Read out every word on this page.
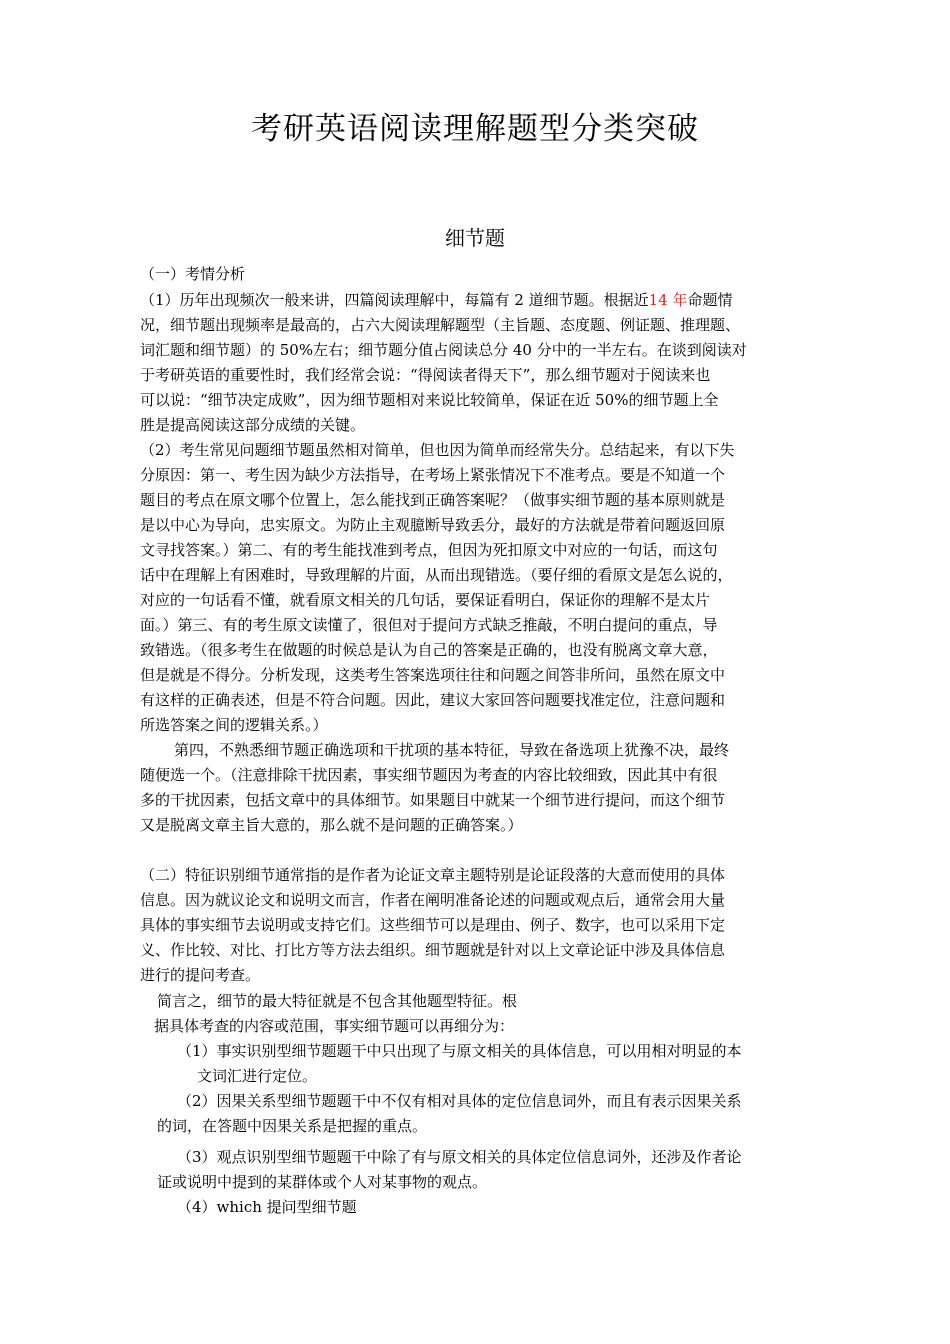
考研英语阅读理解题型分类突破
细节题
（一）考情分析
（1）历年出现频次一般来讲，四篇阅读理解中，每篇有 2 道细节题。根据近14 年命题情
况，细节题出现频率是最高的，占六大阅读理解题型（主旨题、态度题、例证题、推理题、
词汇题和细节题）的 50%左右；细节题分值占阅读总分 40 分中的一半左右。在谈到阅读对
于考研英语的重要性时，我们经常会说：“得阅读者得天下”，那么细节题对于阅读来也
可以说：“细节决定成败”，因为细节题相对来说比较简单，保证在近 50%的细节题上全
胜是提高阅读这部分成绩的关键。
（2）考生常见问题细节题虽然相对简单，但也因为简单而经常失分。总结起来，有以下失
分原因：第一、考生因为缺少方法指导，在考场上紧张情况下不准考点。要是不知道一个
题目的考点在原文哪个位置上，怎么能找到正确答案呢？（做事实细节题的基本原则就是
是以中心为导向，忠实原文。为防止主观臆断导致丢分，最好的方法就是带着问题返回原
文寻找答案。）第二、有的考生能找准到考点，但因为死扣原文中对应的一句话，而这句
话中在理解上有困难时，导致理解的片面，从而出现错选。（要仔细的看原文是怎么说的，
对应的一句话看不懂，就看原文相关的几句话，要保证看明白，保证你的理解不是太片
面。）第三、有的考生原文读懂了，很但对于提问方式缺乏推敲，不明白提问的重点，导
致错选。（很多考生在做题的时候总是认为自己的答案是正确的，也没有脱离文章大意，
但是就是不得分。分析发现，这类考生答案选项往往和问题之间答非所问，虽然在原文中
有这样的正确表述，但是不符合问题。因此，建议大家回答问题要找准定位，注意问题和
所选答案之间的逻辑关系。）
第四，不熟悉细节题正确选项和干扰项的基本特征，导致在备选项上犹豫不决，最终
随便选一个。（注意排除干扰因素，事实细节题因为考查的内容比较细致，因此其中有很
多的干扰因素，包括文章中的具体细节。如果题目中就某一个细节进行提问，而这个细节
又是脱离文章主旨大意的，那么就不是问题的正确答案。）
（二）特征识别细节通常指的是作者为论证文章主题特别是论证段落的大意而使用的具体
信息。因为就议论文和说明文而言，作者在阐明准备论述的问题或观点后，通常会用大量
具体的事实细节去说明或支持它们。这些细节可以是理由、例子、数字，也可以采用下定
义、作比较、对比、打比方等方法去组织。细节题就是针对以上文章论证中涉及具体信息
进行的提问考查。
简言之，细节的最大特征就是不包含其他题型特征。根
据具体考查的内容或范围，事实细节题可以再细分为：
（1）事实识别型细节题题干中只出现了与原文相关的具体信息，可以用相对明显的本
文词汇进行定位。
（2）因果关系型细节题题干中不仅有相对具体的定位信息词外，而且有表示因果关系
的词，在答题中因果关系是把握的重点。
（3）观点识别型细节题题干中除了有与原文相关的具体定位信息词外，还涉及作者论
证或说明中提到的某群体或个人对某事物的观点。
（4）which 提问型细节题
